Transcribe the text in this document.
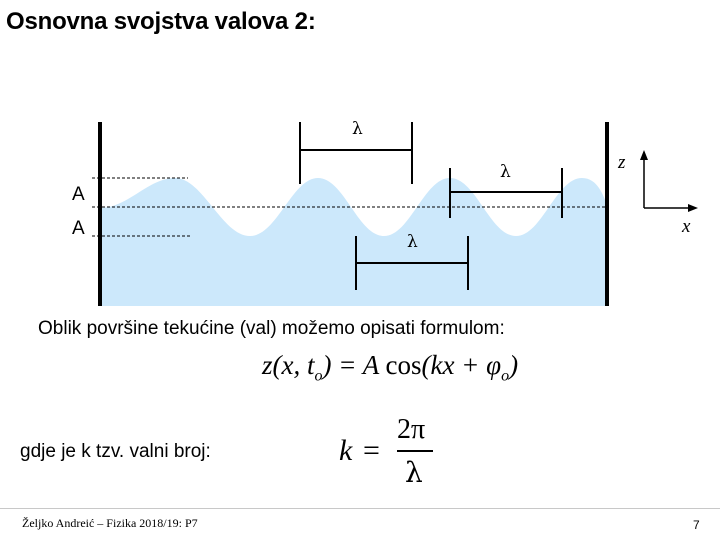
Osnovna svojstva valova 2:
λ
λ
λ
A
A
z
x
Oblik površine tekućine (val) možemo opisati formulom:
z(x, $t_o) = A$ $\cos(kx + \varphi_o)$
gdje je k tzv. valni broj:	k =
2π
λ
Željko Andreić – Fizika 2018/19: P7	7
